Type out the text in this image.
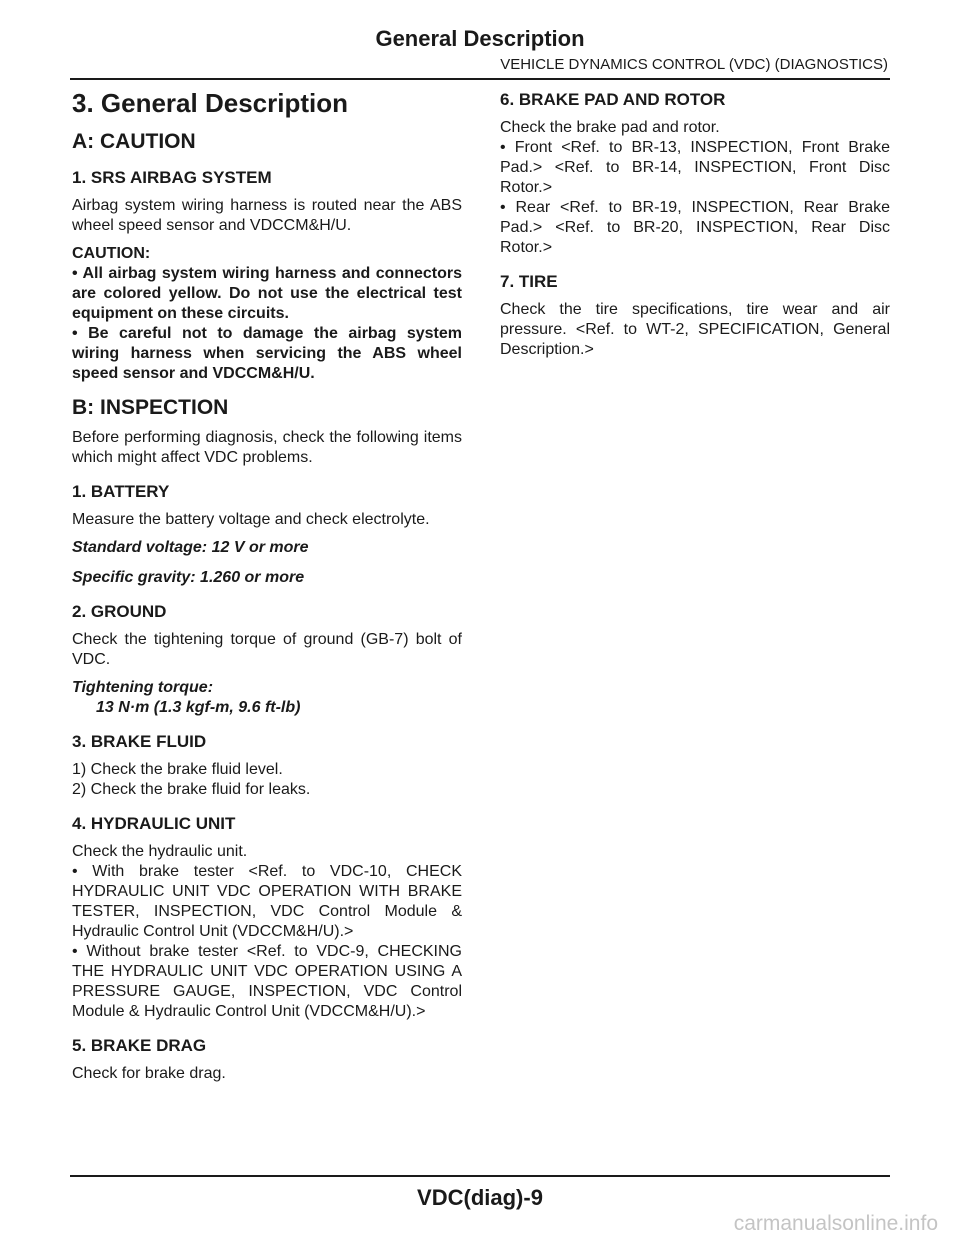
General Description
VEHICLE DYNAMICS CONTROL (VDC) (DIAGNOSTICS)
3. General Description
A: CAUTION
1. SRS AIRBAG SYSTEM

Airbag system wiring harness is routed near the ABS wheel speed sensor and VDCCM&H/U.

CAUTION:

• All airbag system wiring harness and connectors are colored yellow. Do not use the electrical test equipment on these circuits.

• Be careful not to damage the airbag system wiring harness when servicing the ABS wheel speed sensor and VDCCM&H/U.

B: INSPECTION

Before performing diagnosis, check the following items which might affect VDC problems.

1. BATTERY

Measure the battery voltage and check electrolyte.

Standard voltage: 12 V or more
Specific gravity: 1.260 or more
2. GROUND

Check the tightening torque of ground (GB-7) bolt of VDC.

Tightening torque:
13 N·m (1.3 kgf-m, 9.6 ft-lb)
3. BRAKE FLUID

1) Check the brake fluid level.

2) Check the brake fluid for leaks.

4. HYDRAULIC UNIT

Check the hydraulic unit.

• With brake tester <Ref. to VDC-10, CHECK HYDRAULIC UNIT VDC OPERATION WITH BRAKE TESTER, INSPECTION, VDC Control Module & Hydraulic Control Unit (VDCCM&H/U).>

• Without brake tester <Ref. to VDC-9, CHECKING THE HYDRAULIC UNIT VDC OPERATION USING A PRESSURE GAUGE, INSPECTION, VDC Control Module & Hydraulic Control Unit (VDCCM&H/U).>

5. BRAKE DRAG

Check for brake drag.

6. BRAKE PAD AND ROTOR

Check the brake pad and rotor.

• Front <Ref. to BR-13, INSPECTION, Front Brake Pad.> <Ref. to BR-14, INSPECTION, Front Disc Rotor.>

• Rear <Ref. to BR-19, INSPECTION, Rear Brake Pad.> <Ref. to BR-20, INSPECTION, Rear Disc Rotor.>

7. TIRE

Check the tire specifications, tire wear and air pressure. <Ref. to WT-2, SPECIFICATION, General Description.>

VDC(diag)-9
carmanualsonline.info
